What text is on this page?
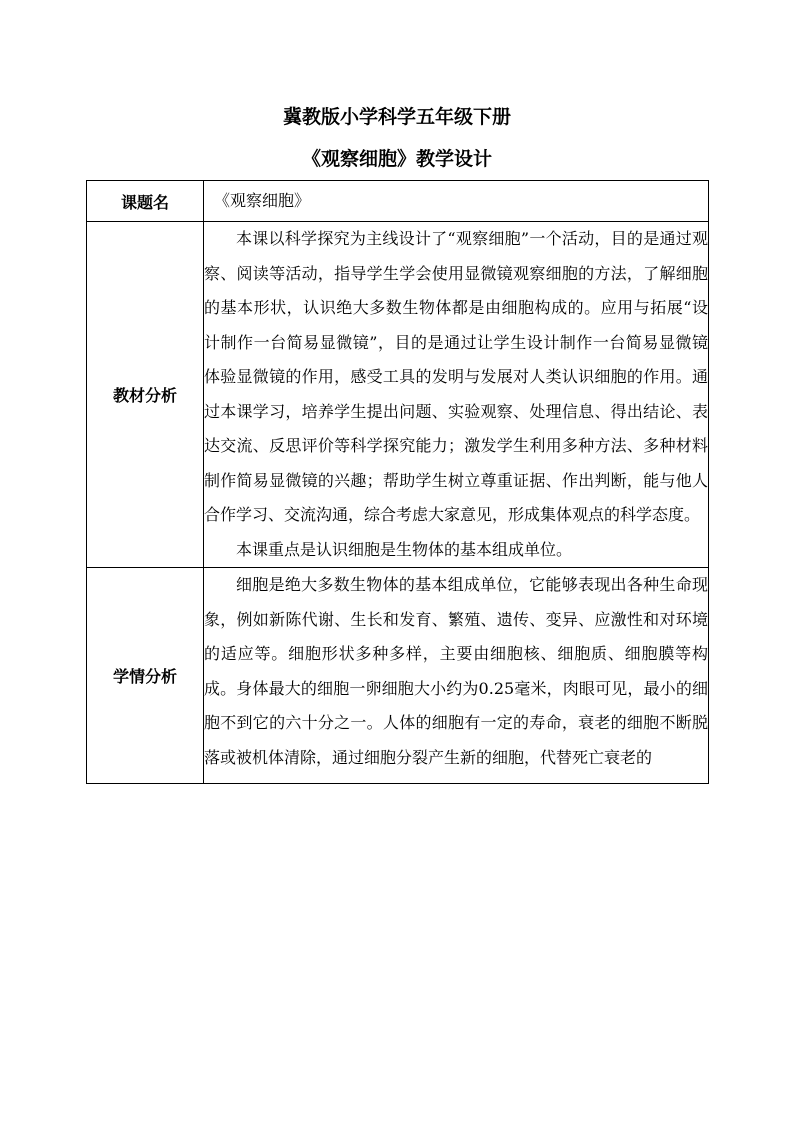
冀教版小学科学五年级下册
《观察细胞》教学设计
课题名	《观察细胞》
教材分析	本课以科学探究为主线设计了“观察细胞”一个活动，目的是通过观察、阅读等活动，指导学生学会使用显微镜观察细胞的方法，了解细胞的基本形状，认识绝大多数生物体都是由细胞构成的。应用与拓展“设计制作一台简易显微镜”，目的是通过让学生设计制作一台简易显微镜 体验显微镜的作用，感受工具的发明与发展对人类认识细胞的作用。通过本课学习，培养学生提出问题、实验观察、处理信息、得出结论、表达交流、反思评价等科学探究能力；激发学生利用多种方法、多种材料制作简易显微镜的兴趣；帮助学生树立尊重证据、作出判断，能与他人合作学习、交流沟通，综合考虑大家意见，形成集体观点的科学态度。

本课重点是认识细胞是生物体的基本组成单位。

学情分析	细胞是绝大多数生物体的基本组成单位，它能够表现出各种生命现象，例如新陈代谢、生长和发育、繁殖、遗传、变异、应激性和对环境的适应等。细胞形状多种多样，主要由细胞核、细胞质、细胞膜等构成。身体最大的细胞一卵细胞大小约为0.25毫米，肉眼可见，最小的细胞不到它的六十分之一。人体的细胞有一定的寿命，衰老的细胞不断脱落或被机体清除，通过细胞分裂产生新的细胞，代替死亡衰老的
